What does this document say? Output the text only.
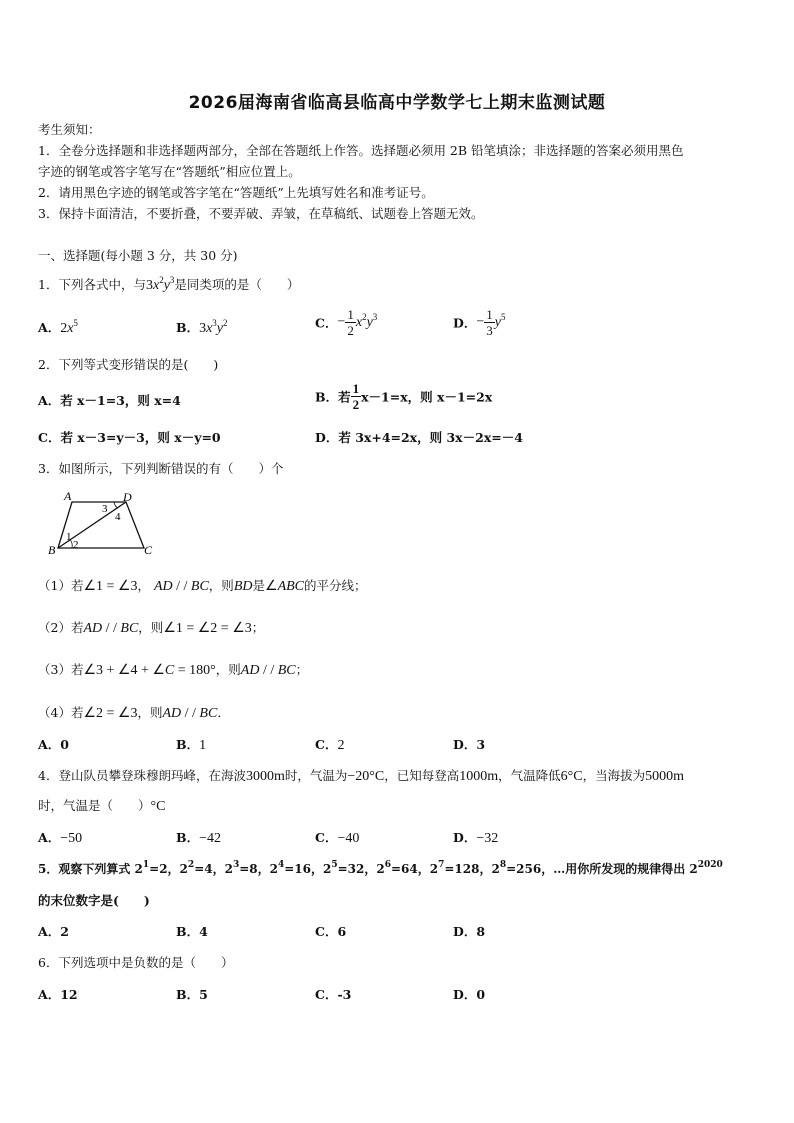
2026届海南省临高县临高中学数学七上期末监测试题
考生须知：
1．全卷分选择题和非选择题两部分，全部在答题纸上作答。选择题必须用 2B 铅笔填涂；非选择题的答案必须用黑色
字迹的钢笔或答字笔写在“答题纸”相应位置上。
2．请用黑色字迹的钢笔或答字笔在“答题纸”上先填写姓名和准考证号。
3．保持卡面清洁，不要折叠，不要弄破、弄皱，在草稿纸、试题卷上答题无效。
一、选择题(每小题 3 分，共 30 分)
1．下列各式中，与$3x^2y^3$是同类项的是（　　）
A．$2x^5$	B．$3x^3y^2$	C．− $\frac{1}{2} x^2y^3$	D．− $\frac{1}{3} y^5$
2．下列等式变形错误的是(　　)
A．若 x－1=3，则 x=4	B．若 $\frac{1}{2} x-1=x$，则 x－1=2x
C．若 x－3=y－3，则 x－y=0	D．若 3x+4=2x，则 3x－2x=－4
3．如图所示，下列判断错误的有（　　）个
A	D
B	C
1
2
3
4
（1）若∠1 = ∠3， AD / / BC，则BD是∠ABC的平分线；
（2）若AD / / BC，则∠1 = ∠2 = ∠3；
（3）若∠3 + ∠4 + ∠C = 180°，则AD / / BC；
（4）若∠2 = ∠3，则AD / / BC．
A．0	B．1	C．2	D．3
4．登山队员攀登珠穆朗玛峰，在海波3000m时，气温为−20°C，已知每登高1000m，气温降低6°C，当海拔为5000m
时，气温是（　　）°C
A．−50	B．−42	C．−40	D．−32
5．观察下列算式 $2^1=2$，$2^2=4$，$2^3=8$，$2^4=16$，$2^5=32$，$2^6=64$，$2^7=128$，$2^8=256$，…用你所发现的规律得出 $2^{2020}$
的末位数字是(　　)
A．2	B．4	C．6	D．8
6．下列选项中是负数的是（　　）
A．12	B．5	C．-3	D．0
